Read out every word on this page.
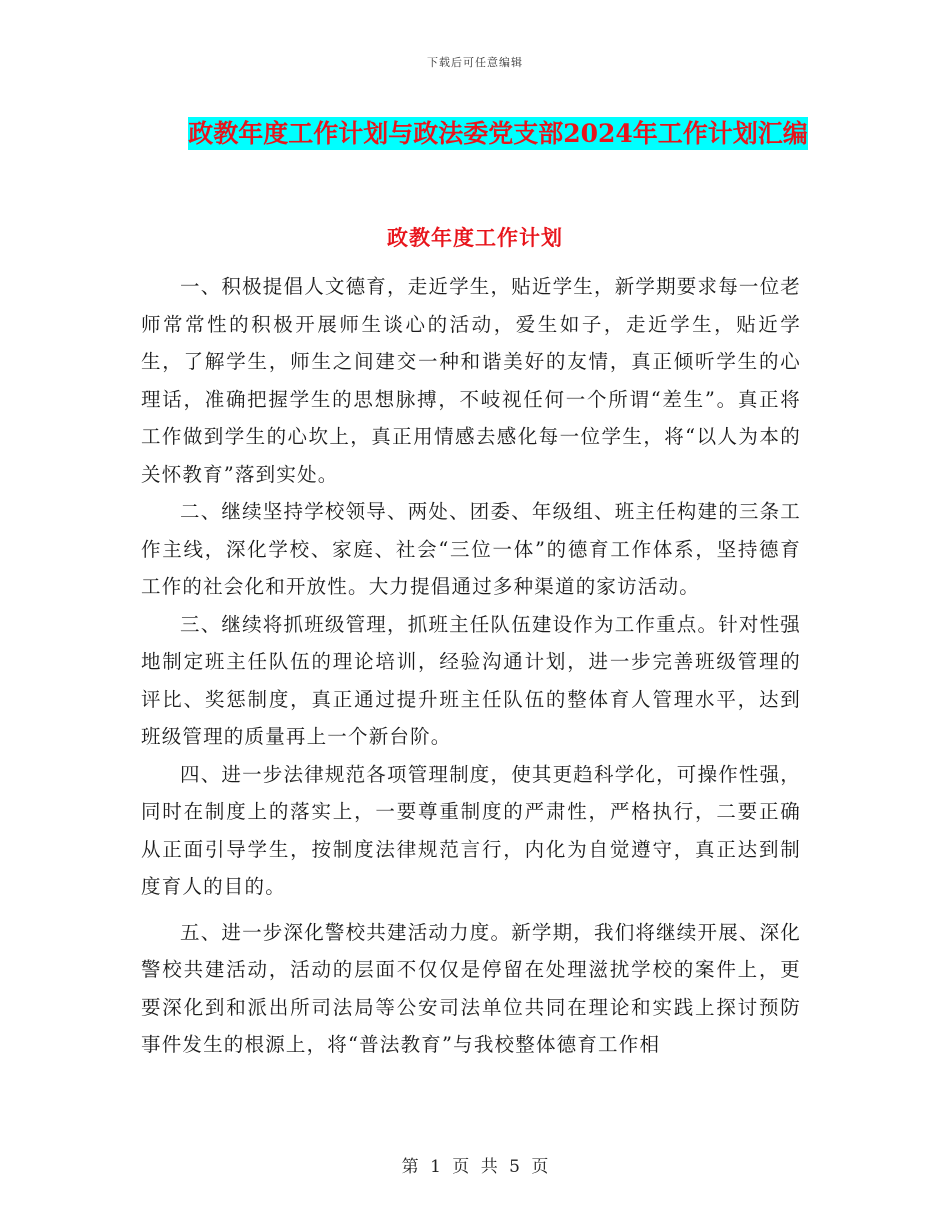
下载后可任意编辑
政教年度工作计划与政法委党支部2024年工作计划汇编
政教年度工作计划

一、积极提倡人文德育，走近学生，贴近学生，新学期要求每一位老师常常性的积极开展师生谈心的活动，爱生如子，走近学生，贴近学生，了解学生，师生之间建交一种和谐美好的友情，真正倾听学生的心理话，准确把握学生的思想脉搏，不岐视任何一个所谓“差生”。真正将工作做到学生的心坎上，真正用情感去感化每一位学生，将“以人为本的关怀教育”落到实处。

二、继续坚持学校领导、两处、团委、年级组、班主任构建的三条工作主线，深化学校、家庭、社会“三位一体”的德育工作体系，坚持德育工作的社会化和开放性。大力提倡通过多种渠道的家访活动。

三、继续将抓班级管理，抓班主任队伍建设作为工作重点。针对性强地制定班主任队伍的理论培训，经验沟通计划，进一步完善班级管理的评比、奖惩制度，真正通过提升班主任队伍的整体育人管理水平，达到班级管理的质量再上一个新台阶。

四、进一步法律规范各项管理制度，使其更趋科学化，可操作性强，同时在制度上的落实上，一要尊重制度的严肃性，严格执行，二要正确从正面引导学生，按制度法律规范言行，内化为自觉遵守，真正达到制度育人的目的。

五、进一步深化警校共建活动力度。新学期，我们将继续开展、深化警校共建活动，活动的层面不仅仅是停留在处理滋扰学校的案件上，更要深化到和派出所司法局等公安司法单位共同在理论和实践上探讨预防事件发生的根源上，将“普法教育”与我校整体德育工作相

第 1 页 共 5 页
